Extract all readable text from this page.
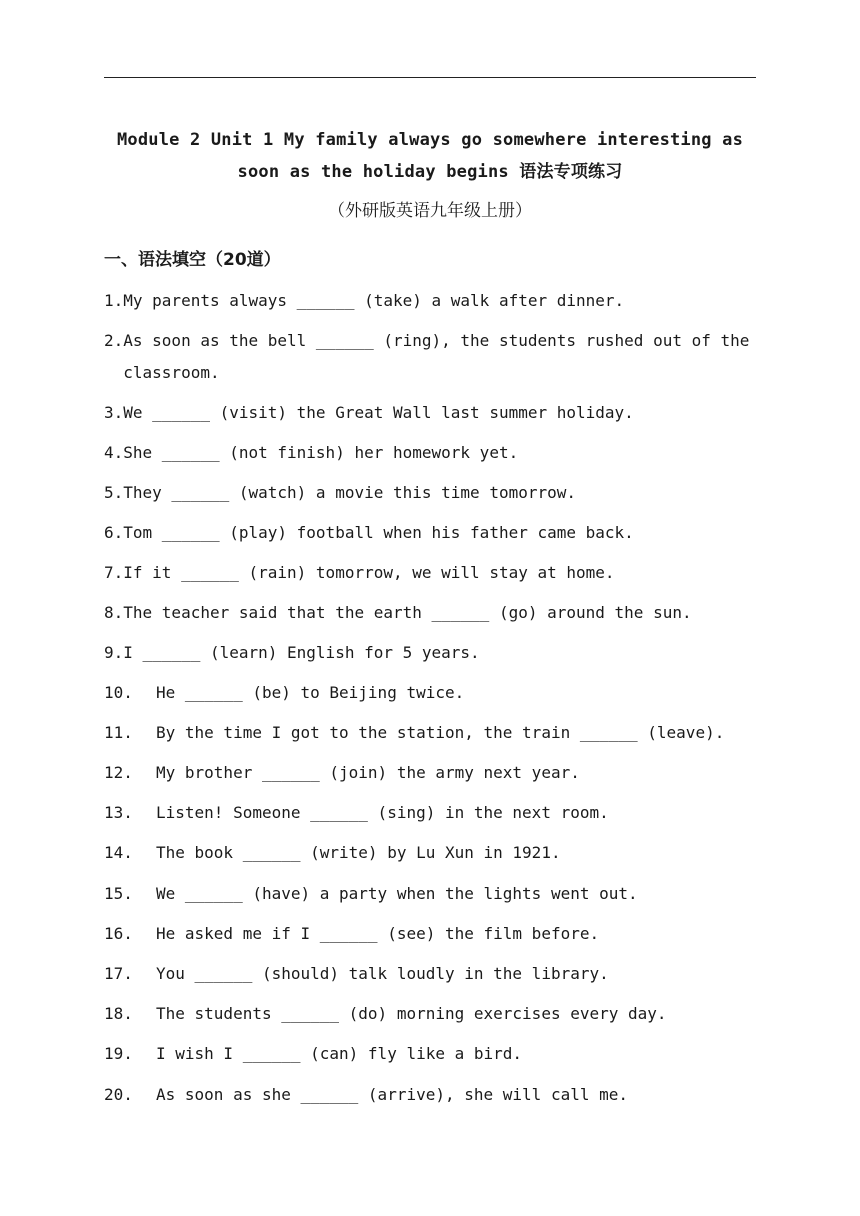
Module 2 Unit 1 My family always go somewhere interesting as
soon as the holiday begins 语法专项练习
（外研版英语九年级上册）
一、语法填空（20道）
1. My parents always ______ (take) a walk after dinner.
2. As soon as the bell ______ (ring), the students rushed out of the classroom.
3. We ______ (visit) the Great Wall last summer holiday.
4. She ______ (not finish) her homework yet.
5. They ______ (watch) a movie this time tomorrow.
6. Tom ______ (play) football when his father came back.
7. If it ______ (rain) tomorrow, we will stay at home.
8. The teacher said that the earth ______ (go) around the sun.
9. I ______ (learn) English for 5 years.
10.	He ______ (be) to Beijing twice.
11.	By the time I got to the station, the train ______ (leave).
12.	My brother ______ (join) the army next year.
13.	Listen! Someone ______ (sing) in the next room.
14.	The book ______ (write) by Lu Xun in 1921.
15.	We ______ (have) a party when the lights went out.
16.	He asked me if I ______ (see) the film before.
17.	You ______ (should) talk loudly in the library.
18.	The students ______ (do) morning exercises every day.
19.	I wish I ______ (can) fly like a bird.
20.	As soon as she ______ (arrive), she will call me.
